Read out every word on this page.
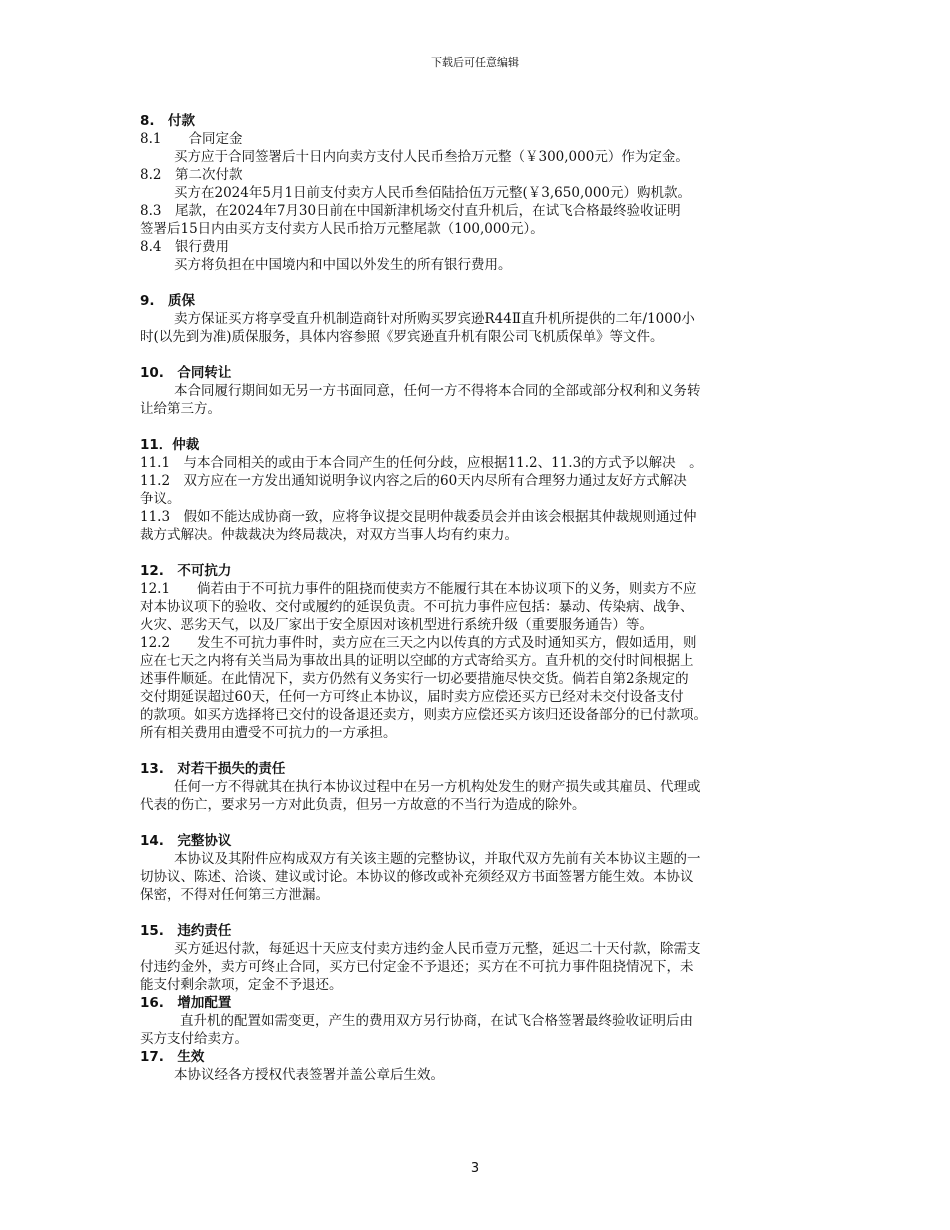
下载后可任意编辑
8.　付款
8.1　　合同定金
买方应于合同签署后十日内向卖方支付人民币叁拾万元整（￥300,000元）作为定金。
8.2　第二次付款
买方在2024年5月1日前支付卖方人民币叁佰陆拾伍万元整(￥3,650,000元）购机款。
8.3　尾款，在2024年7月30日前在中国新津机场交付直升机后，在试飞合格最终验收证明
签署后15日内由买方支付卖方人民币拾万元整尾款（100,000元）。
8.4　银行费用
买方将负担在中国境内和中国以外发生的所有银行费用。
9.　质保
卖方保证买方将享受直升机制造商针对所购买罗宾逊R44Ⅱ直升机所提供的二年/1000小
时(以先到为准)质保服务，具体内容参照《罗宾逊直升机有限公司飞机质保单》等文件。
10.　合同转让
本合同履行期间如无另一方书面同意，任何一方不得将本合同的全部或部分权利和义务转
让给第三方。
11．仲裁
11.1　与本合同相关的或由于本合同产生的任何分歧，应根据11.2、11.3的方式予以解决　。
11.2　双方应在一方发出通知说明争议内容之后的60天内尽所有合理努力通过友好方式解决
争议。
11.3　假如不能达成协商一致，应将争议提交昆明仲裁委员会并由该会根据其仲裁规则通过仲
裁方式解决。仲裁裁决为终局裁决，对双方当事人均有约束力。
12.　不可抗力
12.1　　倘若由于不可抗力事件的阻挠而使卖方不能履行其在本协议项下的义务，则卖方不应
对本协议项下的验收、交付或履约的延误负责。不可抗力事件应包括：暴动、传染病、战争、
火灾、恶劣天气，以及厂家出于安全原因对该机型进行系统升级（重要服务通告）等。
12.2　　发生不可抗力事件时，卖方应在三天之内以传真的方式及时通知买方，假如适用，则
应在七天之内将有关当局为事故出具的证明以空邮的方式寄给买方。直升机的交付时间根据上
述事件顺延。在此情况下，卖方仍然有义务实行一切必要措施尽快交货。倘若自第2条规定的
交付期延误超过60天，任何一方可终止本协议，届时卖方应偿还买方已经对未交付设备支付
的款项。如买方选择将已交付的设备退还卖方，则卖方应偿还买方该归还设备部分的已付款项。
所有相关费用由遭受不可抗力的一方承担。
13.　对若干损失的责任
任何一方不得就其在执行本协议过程中在另一方机构处发生的财产损失或其雇员、代理或
代表的伤亡，要求另一方对此负责，但另一方故意的不当行为造成的除外。
14.　完整协议
本协议及其附件应构成双方有关该主题的完整协议，并取代双方先前有关本协议主题的一
切协议、陈述、洽谈、建议或讨论。本协议的修改或补充须经双方书面签署方能生效。本协议
保密，不得对任何第三方泄漏。
15.　违约责任
买方延迟付款，每延迟十天应支付卖方违约金人民币壹万元整，延迟二十天付款，除需支
付违约金外，卖方可终止合同，买方已付定金不予退还；买方在不可抗力事件阻挠情况下，未
能支付剩余款项，定金不予退还。
16.　增加配置
直升机的配置如需变更，产生的费用双方另行协商，在试飞合格签署最终验收证明后由
买方支付给卖方。
17.　生效
本协议经各方授权代表签署并盖公章后生效。
3
